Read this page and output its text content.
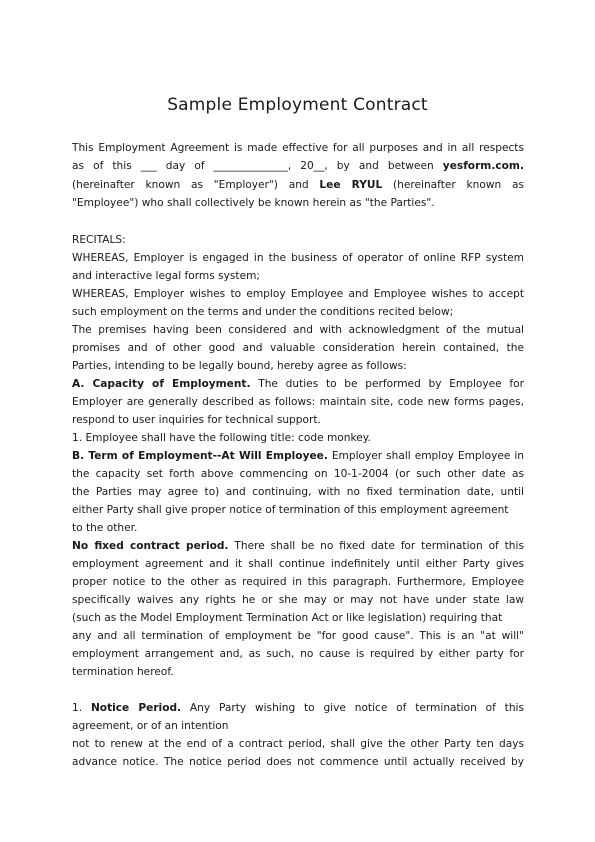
Sample Employment Contract
This Employment Agreement is made effective for all purposes and in all respects
as of this ___ day of ______________, 20__, by and between yesform.com.
(hereinafter known as "Employer") and Lee RYUL (hereinafter known as
"Employee") who shall collectively be known herein as "the Parties".
RECITALS:
WHEREAS, Employer is engaged in the business of operator of online RFP system
and interactive legal forms system;
WHEREAS, Employer wishes to employ Employee and Employee wishes to accept
such employment on the terms and under the conditions recited below;
The premises having been considered and with acknowledgment of the mutual
promises and of other good and valuable consideration herein contained, the
Parties, intending to be legally bound, hereby agree as follows:
A. Capacity of Employment. The duties to be performed by Employee for
Employer are generally described as follows: maintain site, code new forms pages,
respond to user inquiries for technical support.
1. Employee shall have the following title: code monkey.
B. Term of Employment--At Will Employee. Employer shall employ Employee in
the capacity set forth above commencing on 10-1-2004 (or such other date as
the Parties may agree to) and continuing, with no fixed termination date, until
either Party shall give proper notice of termination of this employment agreement
to the other.
No fixed contract period. There shall be no fixed date for termination of this
employment agreement and it shall continue indefinitely until either Party gives
proper notice to the other as required in this paragraph. Furthermore, Employee
specifically waives any rights he or she may or may not have under state law
(such as the Model Employment Termination Act or like legislation) requiring that
any and all termination of employment be "for good cause". This is an "at will"
employment arrangement and, as such, no cause is required by either party for
termination hereof.
1. Notice Period. Any Party wishing to give notice of termination of this
agreement, or of an intention
not to renew at the end of a contract period, shall give the other Party ten days
advance notice. The notice period does not commence until actually received by
